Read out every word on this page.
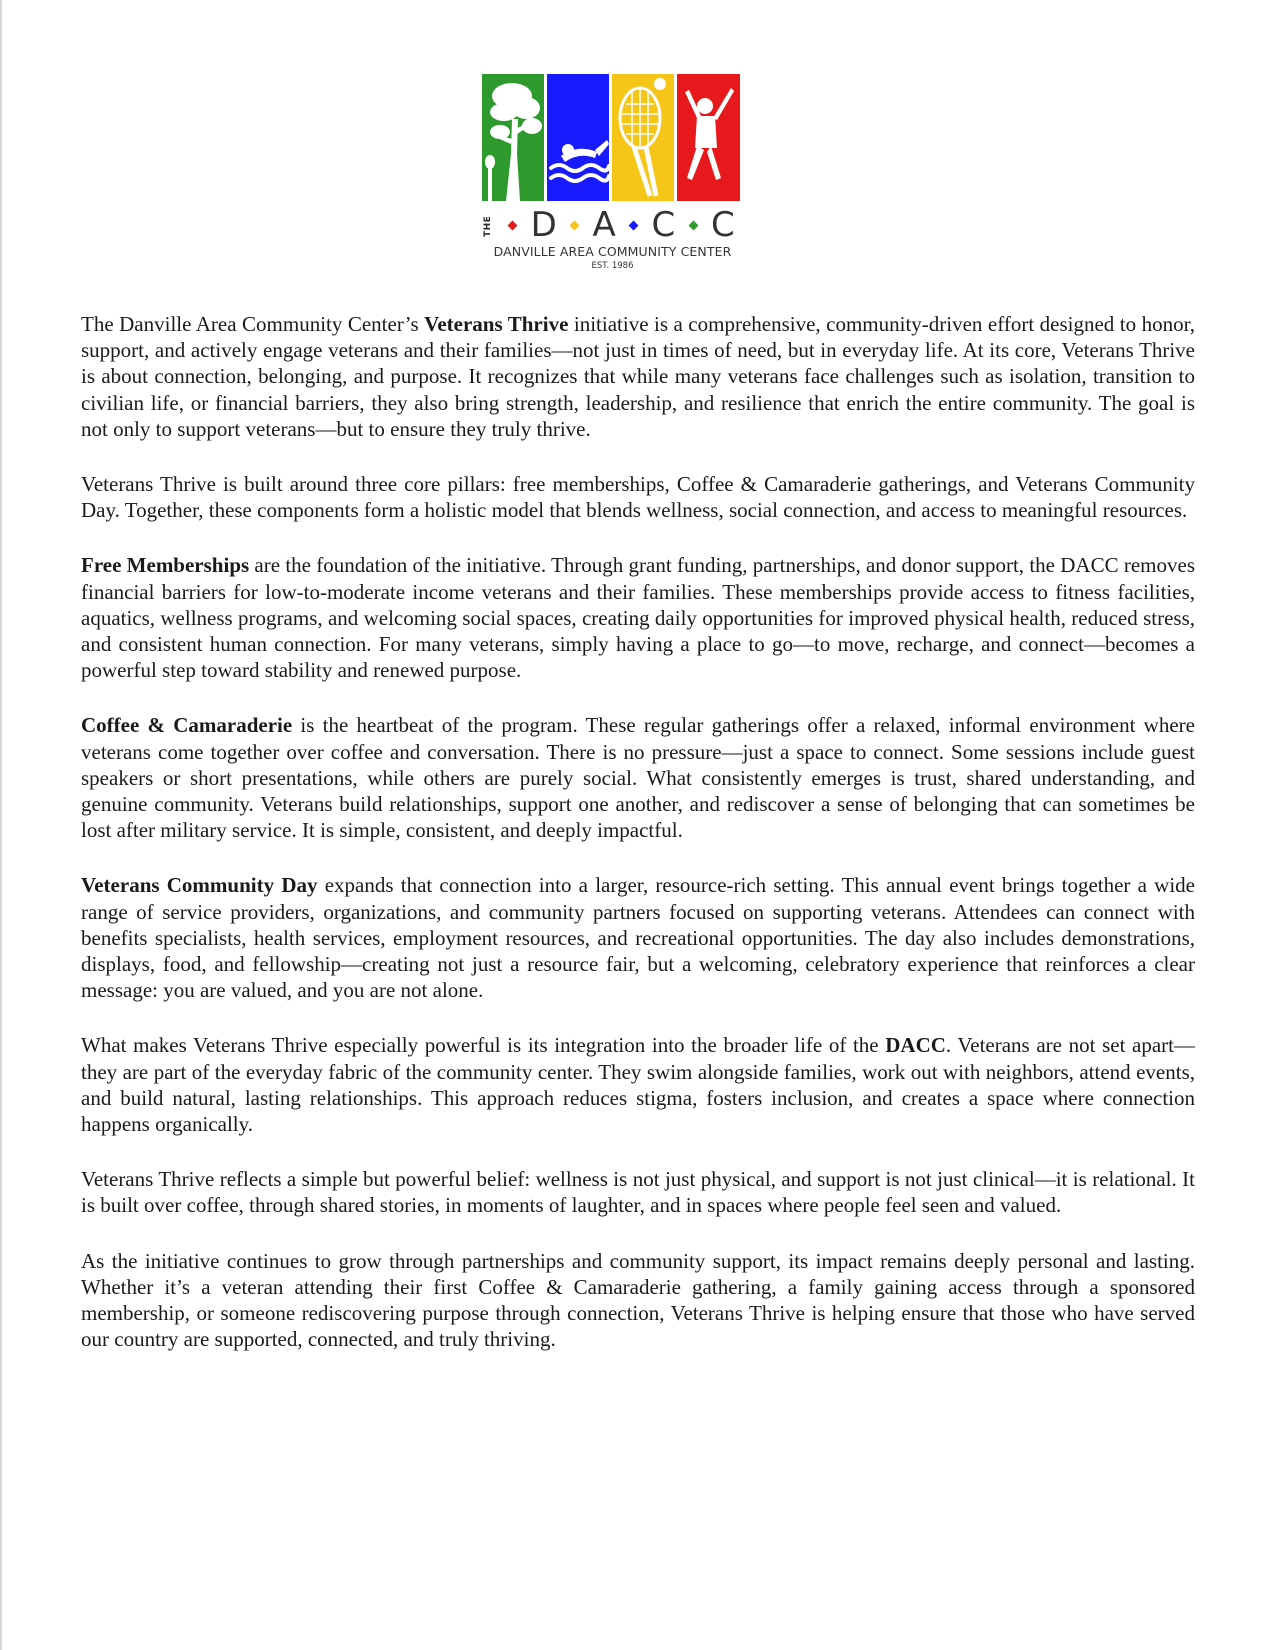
THE	D A C C
DANVILLE AREA COMMUNITY CENTER
EST. 1986

The Danville Area Community Center’s Veterans Thrive initiative is a comprehensive, community-driven effort designed to honor, support, and actively engage veterans and their families—not just in times of need, but in everyday life. At its core, Veterans Thrive is about connection, belonging, and purpose. It recognizes that while many veterans face challenges such as isolation, transition to civilian life, or financial barriers, they also bring strength, leadership, and resilience that enrich the entire community. The goal is not only to support veterans—but to ensure they truly thrive.

Veterans Thrive is built around three core pillars: free memberships, Coffee & Camaraderie gatherings, and Veterans Community Day. Together, these components form a holistic model that blends wellness, social connection, and access to meaningful resources.

Free Memberships are the foundation of the initiative. Through grant funding, partnerships, and donor support, the DACC removes financial barriers for low-to-moderate income veterans and their families. These memberships provide access to fitness facilities, aquatics, wellness programs, and welcoming social spaces, creating daily opportunities for improved physical health, reduced stress, and consistent human connection. For many veterans, simply having a place to go—to move, recharge, and connect—becomes a powerful step toward stability and renewed purpose.

Coffee & Camaraderie is the heartbeat of the program. These regular gatherings offer a relaxed, informal environment where veterans come together over coffee and conversation. There is no pressure—just a space to connect. Some sessions include guest speakers or short presentations, while others are purely social. What consistently emerges is trust, shared understanding, and genuine community. Veterans build relationships, support one another, and rediscover a sense of belonging that can sometimes be lost after military service. It is simple, consistent, and deeply impactful.

Veterans Community Day expands that connection into a larger, resource-rich setting. This annual event brings together a wide range of service providers, organizations, and community partners focused on supporting veterans. Attendees can connect with benefits specialists, health services, employment resources, and recreational opportunities. The day also includes demonstrations, displays, food, and fellowship—creating not just a resource fair, but a welcoming, celebratory experience that reinforces a clear message: you are valued, and you are not alone.

What makes Veterans Thrive especially powerful is its integration into the broader life of the DACC. Veterans are not set apart—they are part of the everyday fabric of the community center. They swim alongside families, work out with neighbors, attend events, and build natural, lasting relationships. This approach reduces stigma, fosters inclusion, and creates a space where connection happens organically.

Veterans Thrive reflects a simple but powerful belief: wellness is not just physical, and support is not just clinical—it is relational. It is built over coffee, through shared stories, in moments of laughter, and in spaces where people feel seen and valued.

As the initiative continues to grow through partnerships and community support, its impact remains deeply personal and lasting. Whether it’s a veteran attending their first Coffee & Camaraderie gathering, a family gaining access through a sponsored membership, or someone rediscovering purpose through connection, Veterans Thrive is helping ensure that those who have served our country are supported, connected, and truly thriving.
